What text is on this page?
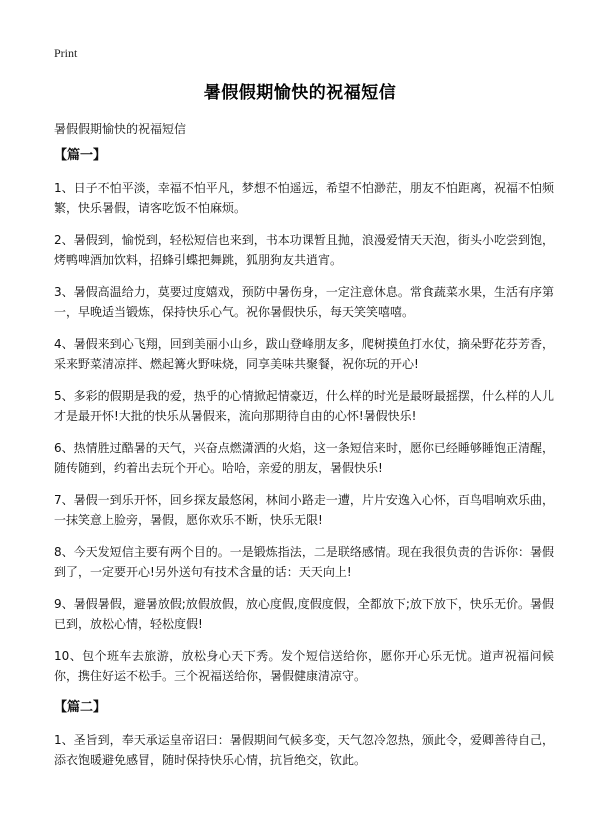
Print
暑假假期愉快的祝福短信
暑假假期愉快的祝福短信
【篇一】

1、日子不怕平淡，幸福不怕平凡，梦想不怕遥远，希望不怕渺茫，朋友不怕距离，祝福不怕频繁，快乐暑假，请客吃饭不怕麻烦。

2、暑假到，愉悦到，轻松短信也来到，书本功课暂且抛，浪漫爱情天天泡，街头小吃尝到饱，烤鸭啤酒加饮料，招蜂引蝶把舞跳，狐朋狗友共逍宵。

3、暑假高温给力，莫要过度嬉戏，预防中暑伤身，一定注意休息。常食蔬菜水果，生活有序第一，早晚适当锻炼，保持快乐心气。祝你暑假快乐，每天笑笑嘻嘻。

4、暑假来到心飞翔，回到美丽小山乡，跋山登峰朋友多，爬树摸鱼打水仗，摘朵野花芬芳香，采来野菜清凉拌、燃起篝火野味烧，同享美味共聚餐，祝你玩的开心!

5、多彩的假期是我的爱，热乎的心情掀起情豪迈，什么样的时光是最呀最摇摆，什么样的人儿才是最开怀!大批的快乐从暑假来，流向那期待自由的心怀!暑假快乐!

6、热情胜过酷暑的天气，兴奋点燃潇洒的火焰，这一条短信来时，愿你已经睡够睡饱正清醒，随传随到，约着出去玩个开心。哈哈，亲爱的朋友，暑假快乐!

7、暑假一到乐开怀，回乡探友最悠闲，林间小路走一遭，片片安逸入心怀，百鸟唱响欢乐曲，一抹笑意上脸旁，暑假，愿你欢乐不断，快乐无限!

8、今天发短信主要有两个目的。一是锻炼指法，二是联络感情。现在我很负责的告诉你：暑假到了，一定要开心!另外送句有技术含量的话：天天向上!

9、暑假暑假，避暑放假;放假放假，放心度假,度假度假，全都放下;放下放下，快乐无价。暑假已到，放松心情，轻松度假!

10、包个班车去旅游，放松身心天下秀。发个短信送给你，愿你开心乐无忧。道声祝福问候你，携住好运不松手。三个祝福送给你，暑假健康清凉守。

【篇二】

1、圣旨到，奉天承运皇帝诏曰：暑假期间气候多变，天气忽冷忽热，颁此令，爱卿善待自己，添衣饱暖避免感冒，随时保持快乐心情，抗旨绝交，钦此。
